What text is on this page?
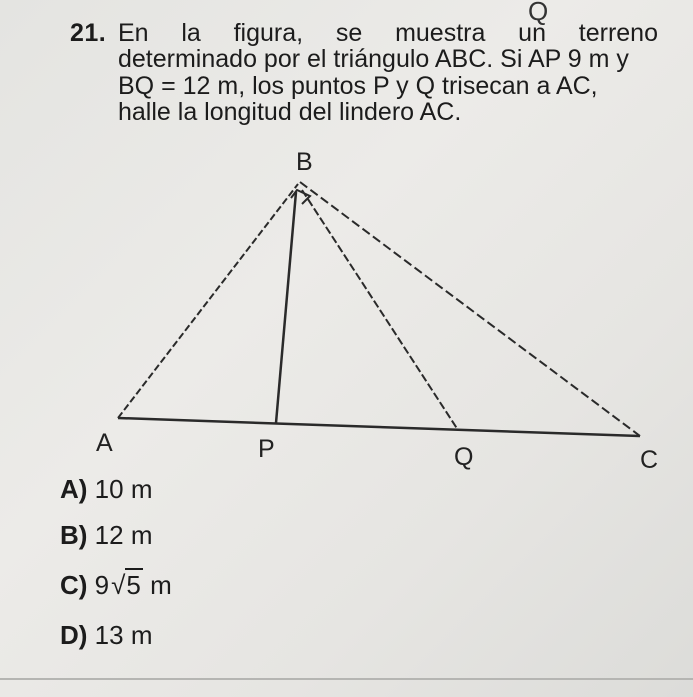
Q
21. En la figura, se muestra un terreno
determinado por el triángulo ABC. Si AP 9 m y
BQ = 12 m, los puntos P y Q trisecan a AC,
halle la longitud del lindero AC.
B
A	P	Q	C
A) 10 m
B) 12 m
C) 9√5 m
D) 13 m
